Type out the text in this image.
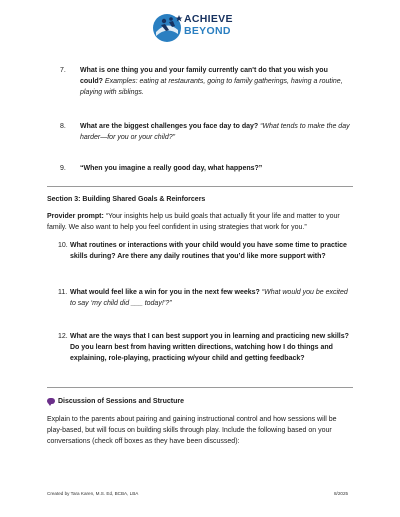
ACHIEVE
BEYOND
7. What is one thing you and your family currently can't do that you wish you could? Examples: eating at restaurants, going to family gatherings, having a routine, playing with siblings.
8. What are the biggest challenges you face day to day? “What tends to make the day harder—for you or your child?”
9. “When you imagine a really good day, what happens?”
Section 3: Building Shared Goals & Reinforcers
Provider prompt: “Your insights help us build goals that actually fit your life and matter to your family. We also want to help you feel confident in using strategies that work for you.”
10. What routines or interactions with your child would you have some time to practice skills during? Are there any daily routines that you’d like more support with?
11. What would feel like a win for you in the next few weeks? “What would you be excited to say ‘my child did ___ today!’?”
12. What are the ways that I can best support you in learning and practicing new skills? Do you learn best from having written directions, watching how I do things and explaining, role-playing, practicing w/your child and getting feedback?
Discussion of Sessions and Structure
Explain to the parents about pairing and gaining instructional control and how sessions will be play-based, but will focus on building skills through play. Include the following based on your conversations (check off boxes as they have been discussed):
Created by Tara Karen, M.S. Ed, BCBA, LBA	8/2025
